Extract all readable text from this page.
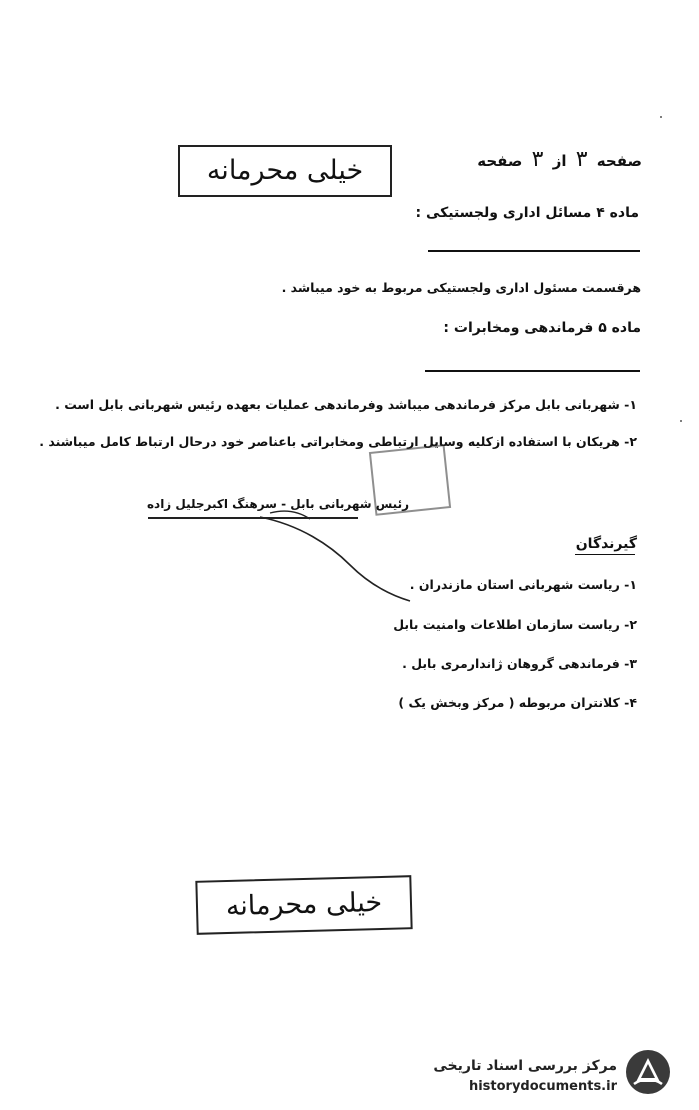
خیلی محرمانه	صفحه ۳ از ۳ صفحه
ماده ۴ مسائل اداری ولجستیکی :
هرقسمت مسئول اداری ولجستیکی مربوط به خود میباشد .
ماده ۵ فرماندهی ومخابرات :
۱- شهربانی بابل مرکز فرماندهی میباشد وفرماندهی عملیات بعهده رئیس شهربانی بابل است .
۲- هریکان با استفاده ازکلیه وسایل ارتباطی ومخابراتی باعناصر خود درحال ارتباط کامل میباشند .
رئیس شهربانی بابل - سرهنگ اکبرجلیل زاده
گیرندگان
۱- ریاست شهربانی استان مازندران .
۲- ریاست سازمان اطلاعات وامنیت بابل
۳- فرماندهی گروهان ژاندارمری بابل .
۴- کلانتران مربوطه ( مرکز وبخش یک )
خیلی محرمانه
مرکز بررسی اسناد تاریخی
historydocuments.ir
